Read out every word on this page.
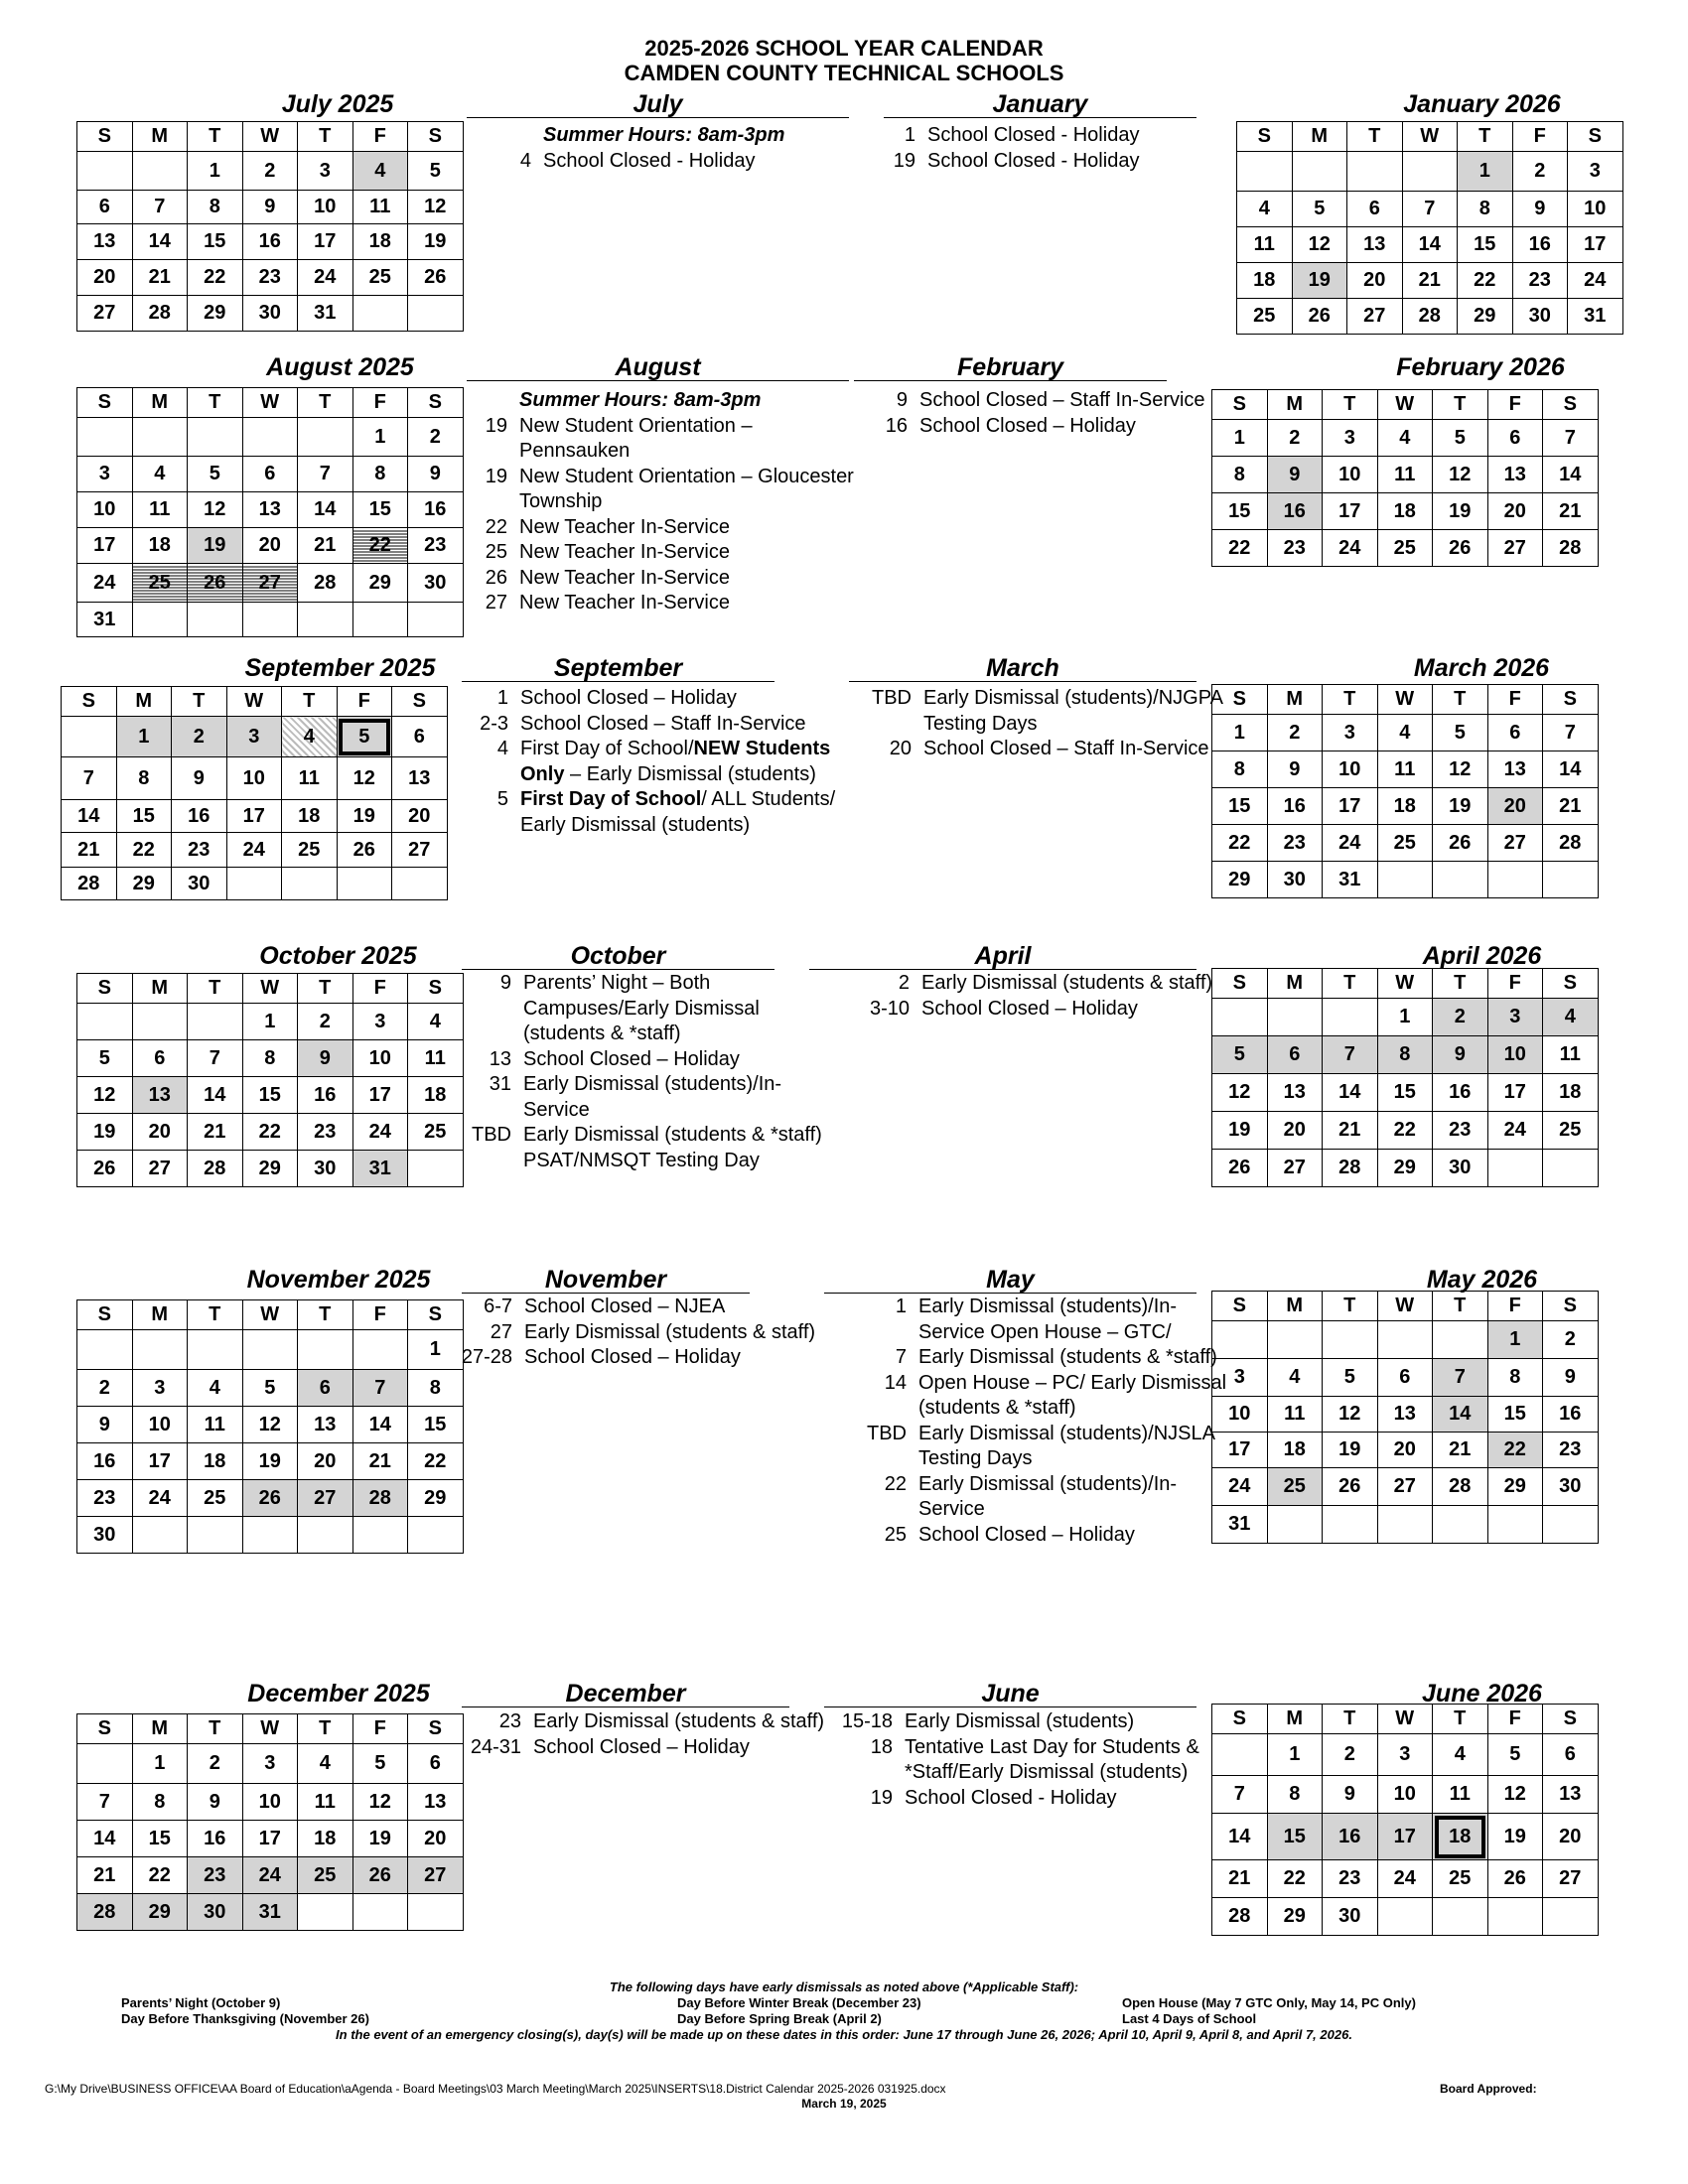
2025-2026 SCHOOL YEAR CALENDAR
CAMDEN COUNTY TECHNICAL SCHOOLS
July 2025
S	M	T	W	T	F	S
		1	2	3	4	5
6	7	8	9	10	11	12
13	14	15	16	17	18	19
20	21	22	23	24	25	26
27	28	29	30	31		
August 2025
S	M	T	W	T	F	S
					1	2
3	4	5	6	7	8	9
10	11	12	13	14	15	16
17	18	19	20	21	22	23
24	25	26	27	28	29	30
31						
September 2025
S	M	T	W	T	F	S
	1	2	3	4	5	6
7	8	9	10	11	12	13
14	15	16	17	18	19	20
21	22	23	24	25	26	27
28	29	30				
October 2025
S	M	T	W	T	F	S
			1	2	3	4
5	6	7	8	9	10	11
12	13	14	15	16	17	18
19	20	21	22	23	24	25
26	27	28	29	30	31	
November 2025
S	M	T	W	T	F	S
						1
2	3	4	5	6	7	8
9	10	11	12	13	14	15
16	17	18	19	20	21	22
23	24	25	26	27	28	29
30						
December 2025
S	M	T	W	T	F	S
	1	2	3	4	5	6
7	8	9	10	11	12	13
14	15	16	17	18	19	20
21	22	23	24	25	26	27
28	29	30	31			
January 2026
S	M	T	W	T	F	S
				1	2	3
4	5	6	7	8	9	10
11	12	13	14	15	16	17
18	19	20	21	22	23	24
25	26	27	28	29	30	31
February 2026
S	M	T	W	T	F	S
1	2	3	4	5	6	7
8	9	10	11	12	13	14
15	16	17	18	19	20	21
22	23	24	25	26	27	28
March 2026
S	M	T	W	T	F	S
1	2	3	4	5	6	7
8	9	10	11	12	13	14
15	16	17	18	19	20	21
22	23	24	25	26	27	28
29	30	31				
April 2026
S	M	T	W	T	F	S
			1	2	3	4
5	6	7	8	9	10	11
12	13	14	15	16	17	18
19	20	21	22	23	24	25
26	27	28	29	30		
May 2026
S	M	T	W	T	F	S
					1	2
3	4	5	6	7	8	9
10	11	12	13	14	15	16
17	18	19	20	21	22	23
24	25	26	27	28	29	30
31						
June 2026
S	M	T	W	T	F	S
	1	2	3	4	5	6
7	8	9	10	11	12	13
14	15	16	17	18	19	20
21	22	23	24	25	26	27
28	29	30				
July
Summer Hours: 8am-3pm
4 School Closed - Holiday
August
Summer Hours: 8am-3pm
19 New Student Orientation – Pennsauken
19 New Student Orientation – Gloucester Township
22 New Teacher In-Service
25 New Teacher In-Service
26 New Teacher In-Service
27 New Teacher In-Service
September
1 School Closed – Holiday
2-3 School Closed – Staff In-Service
4 First Day of School/NEW Students Only – Early Dismissal (students)
5 First Day of School/ ALL Students/ Early Dismissal (students)
October
9 Parents’ Night – Both Campuses/Early Dismissal (students & *staff)
13 School Closed – Holiday
31 Early Dismissal (students)/In-Service
TBD Early Dismissal (students & *staff) PSAT/NMSQT Testing Day
November
6-7 School Closed – NJEA
27 Early Dismissal (students & staff)
27-28 School Closed – Holiday
December
23 Early Dismissal (students & staff)
24-31 School Closed – Holiday
January
1 School Closed - Holiday
19 School Closed - Holiday
February
9 School Closed – Staff In-Service
16 School Closed – Holiday
March
TBD Early Dismissal (students)/NJGPA Testing Days
20 School Closed – Staff In-Service
April
2 Early Dismissal (students & staff)
3-10 School Closed – Holiday
May
1 Early Dismissal (students)/In-Service Open House – GTC/
7 Early Dismissal (students & *staff)
14 Open House – PC/ Early Dismissal (students & *staff)
TBD Early Dismissal (students)/NJSLA Testing Days
22 Early Dismissal (students)/In-Service
25 School Closed – Holiday
June
15-18 Early Dismissal (students)
18 Tentative Last Day for Students & *Staff/Early Dismissal (students)
19 School Closed - Holiday
The following days have early dismissals as noted above (*Applicable Staff):
Parents’ Night (October 9)
Day Before Thanksgiving (November 26)
Day Before Winter Break (December 23)
Day Before Spring Break (April 2)
Open House (May 7 GTC Only, May 14, PC Only)
Last 4 Days of School
In the event of an emergency closing(s), day(s) will be made up on these dates in this order: June 17 through June 26, 2026; April 10, April 9, April 8, and April 7, 2026.
G:\My Drive\BUSINESS OFFICE\AA Board of Education\aAgenda - Board Meetings\03 March Meeting\March 2025\INSERTS\18.District Calendar 2025-2026 031925.docx	Board Approved:
March 19, 2025
